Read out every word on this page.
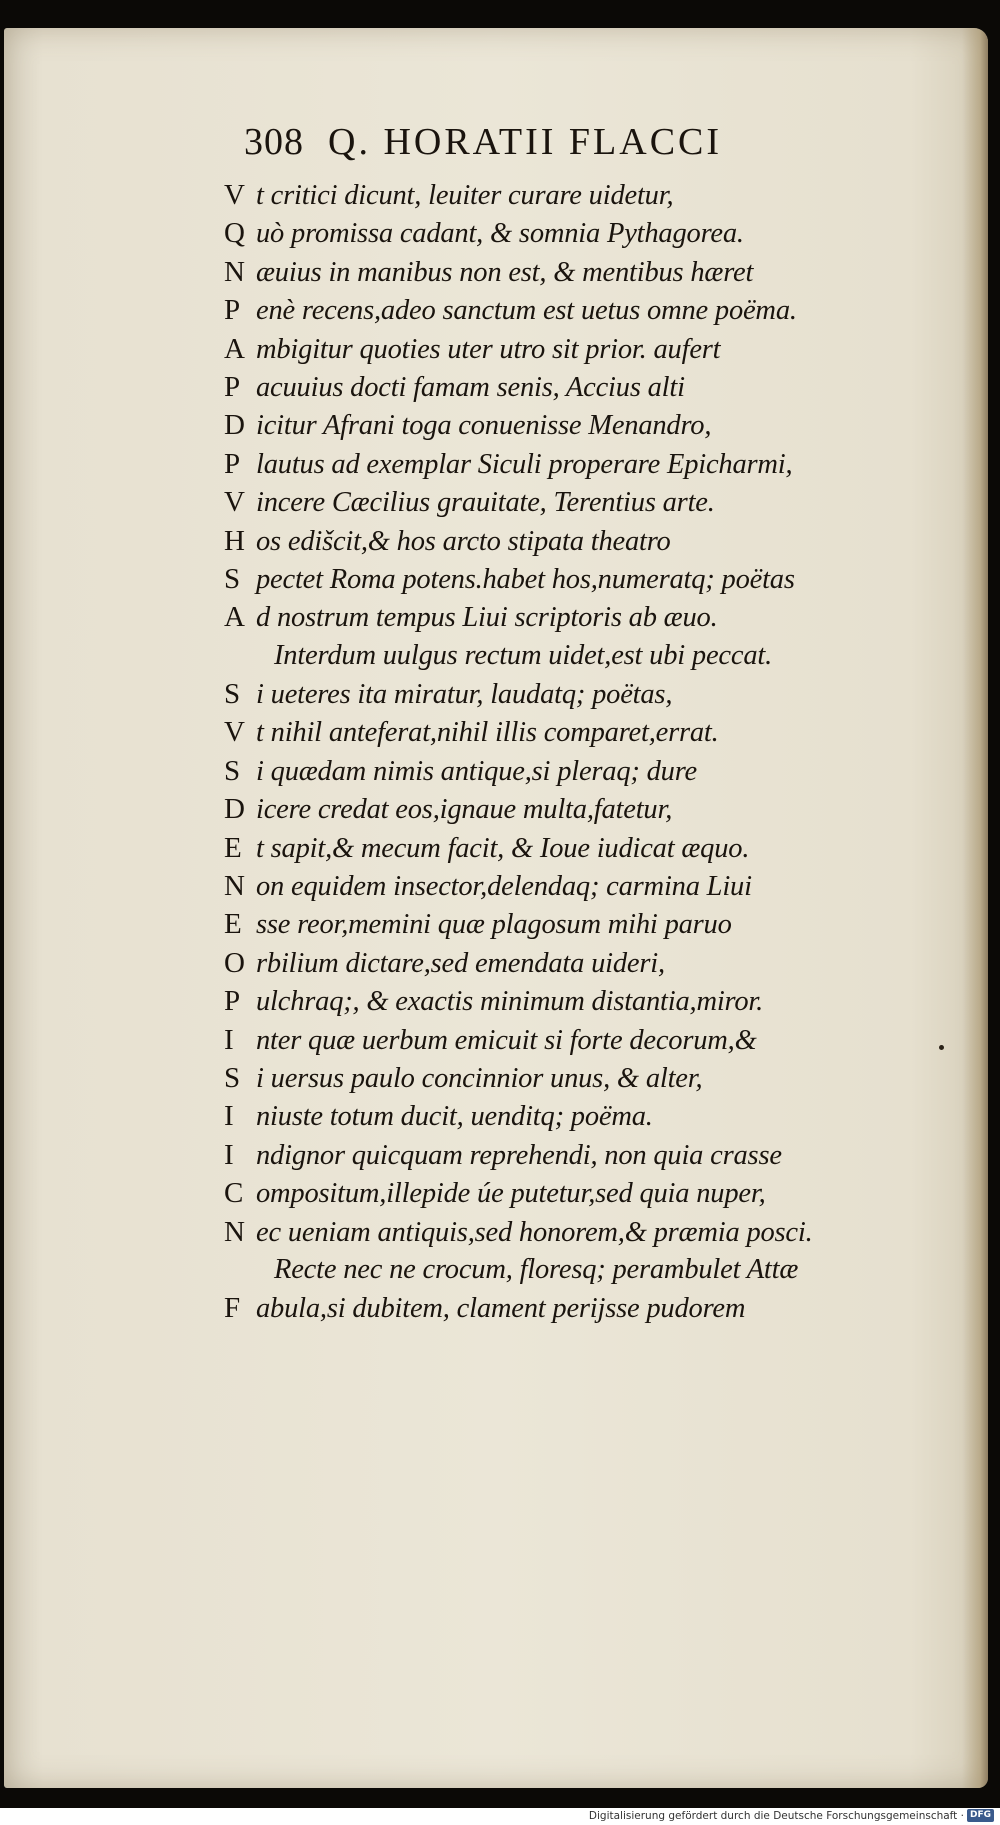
308 Q. HORATII FLACCI
V t critici dicunt, leuiter curare uidetur,
Q uò promissa cadant, & somnia Pythagorea.
N æuius in manibus non est, & mentibus hæret
P enè recens,adeo sanctum est uetus omne poëma.
A mbigitur quoties uter utro sit prior. aufert
P acuuius docti famam senis, Accius alti
D icitur Afrani toga conuenisse Menandro,
P lautus ad exemplar Siculi properare Epicharmi,
V incere Cæcilius grauitate, Terentius arte.
H os edišcit,& hos arcto stipata theatro
S pectet Roma potens.habet hos,numeratq; poëtas
A d nostrum tempus Liui scriptoris ab æuo.
Interdum uulgus rectum uidet,est ubi peccat.
S i ueteres ita miratur, laudatq; poëtas,
V t nihil anteferat,nihil illis comparet,errat.
S i quædam nimis antique,si pleraq; dure
D icere credat eos,ignaue multa,fatetur,
E t sapit,& mecum facit, & Ioue iudicat æquo.
N on equidem insector,delendaq; carmina Liui
E sse reor,memini quæ plagosum mihi paruo
O rbilium dictare,sed emendata uideri,
P ulchraq;, & exactis minimum distantia,miror.
I nter quæ uerbum emicuit si forte decorum,&
S i uersus paulo concinnior unus, & alter,
I niuste totum ducit, uenditq; poëma.
I ndignor quicquam reprehendi, non quia crasse
C ompositum,illepide úe putetur,sed quia nuper,
N ec ueniam antiquis,sed honorem,& præmia posci.
Recte nec ne crocum, floresq; perambulet Attæ
F abula,si dubitem, clament perijsse pudorem
Digitalisierung gefördert durch die Deutsche Forschungsgemeinschaft · DFG
